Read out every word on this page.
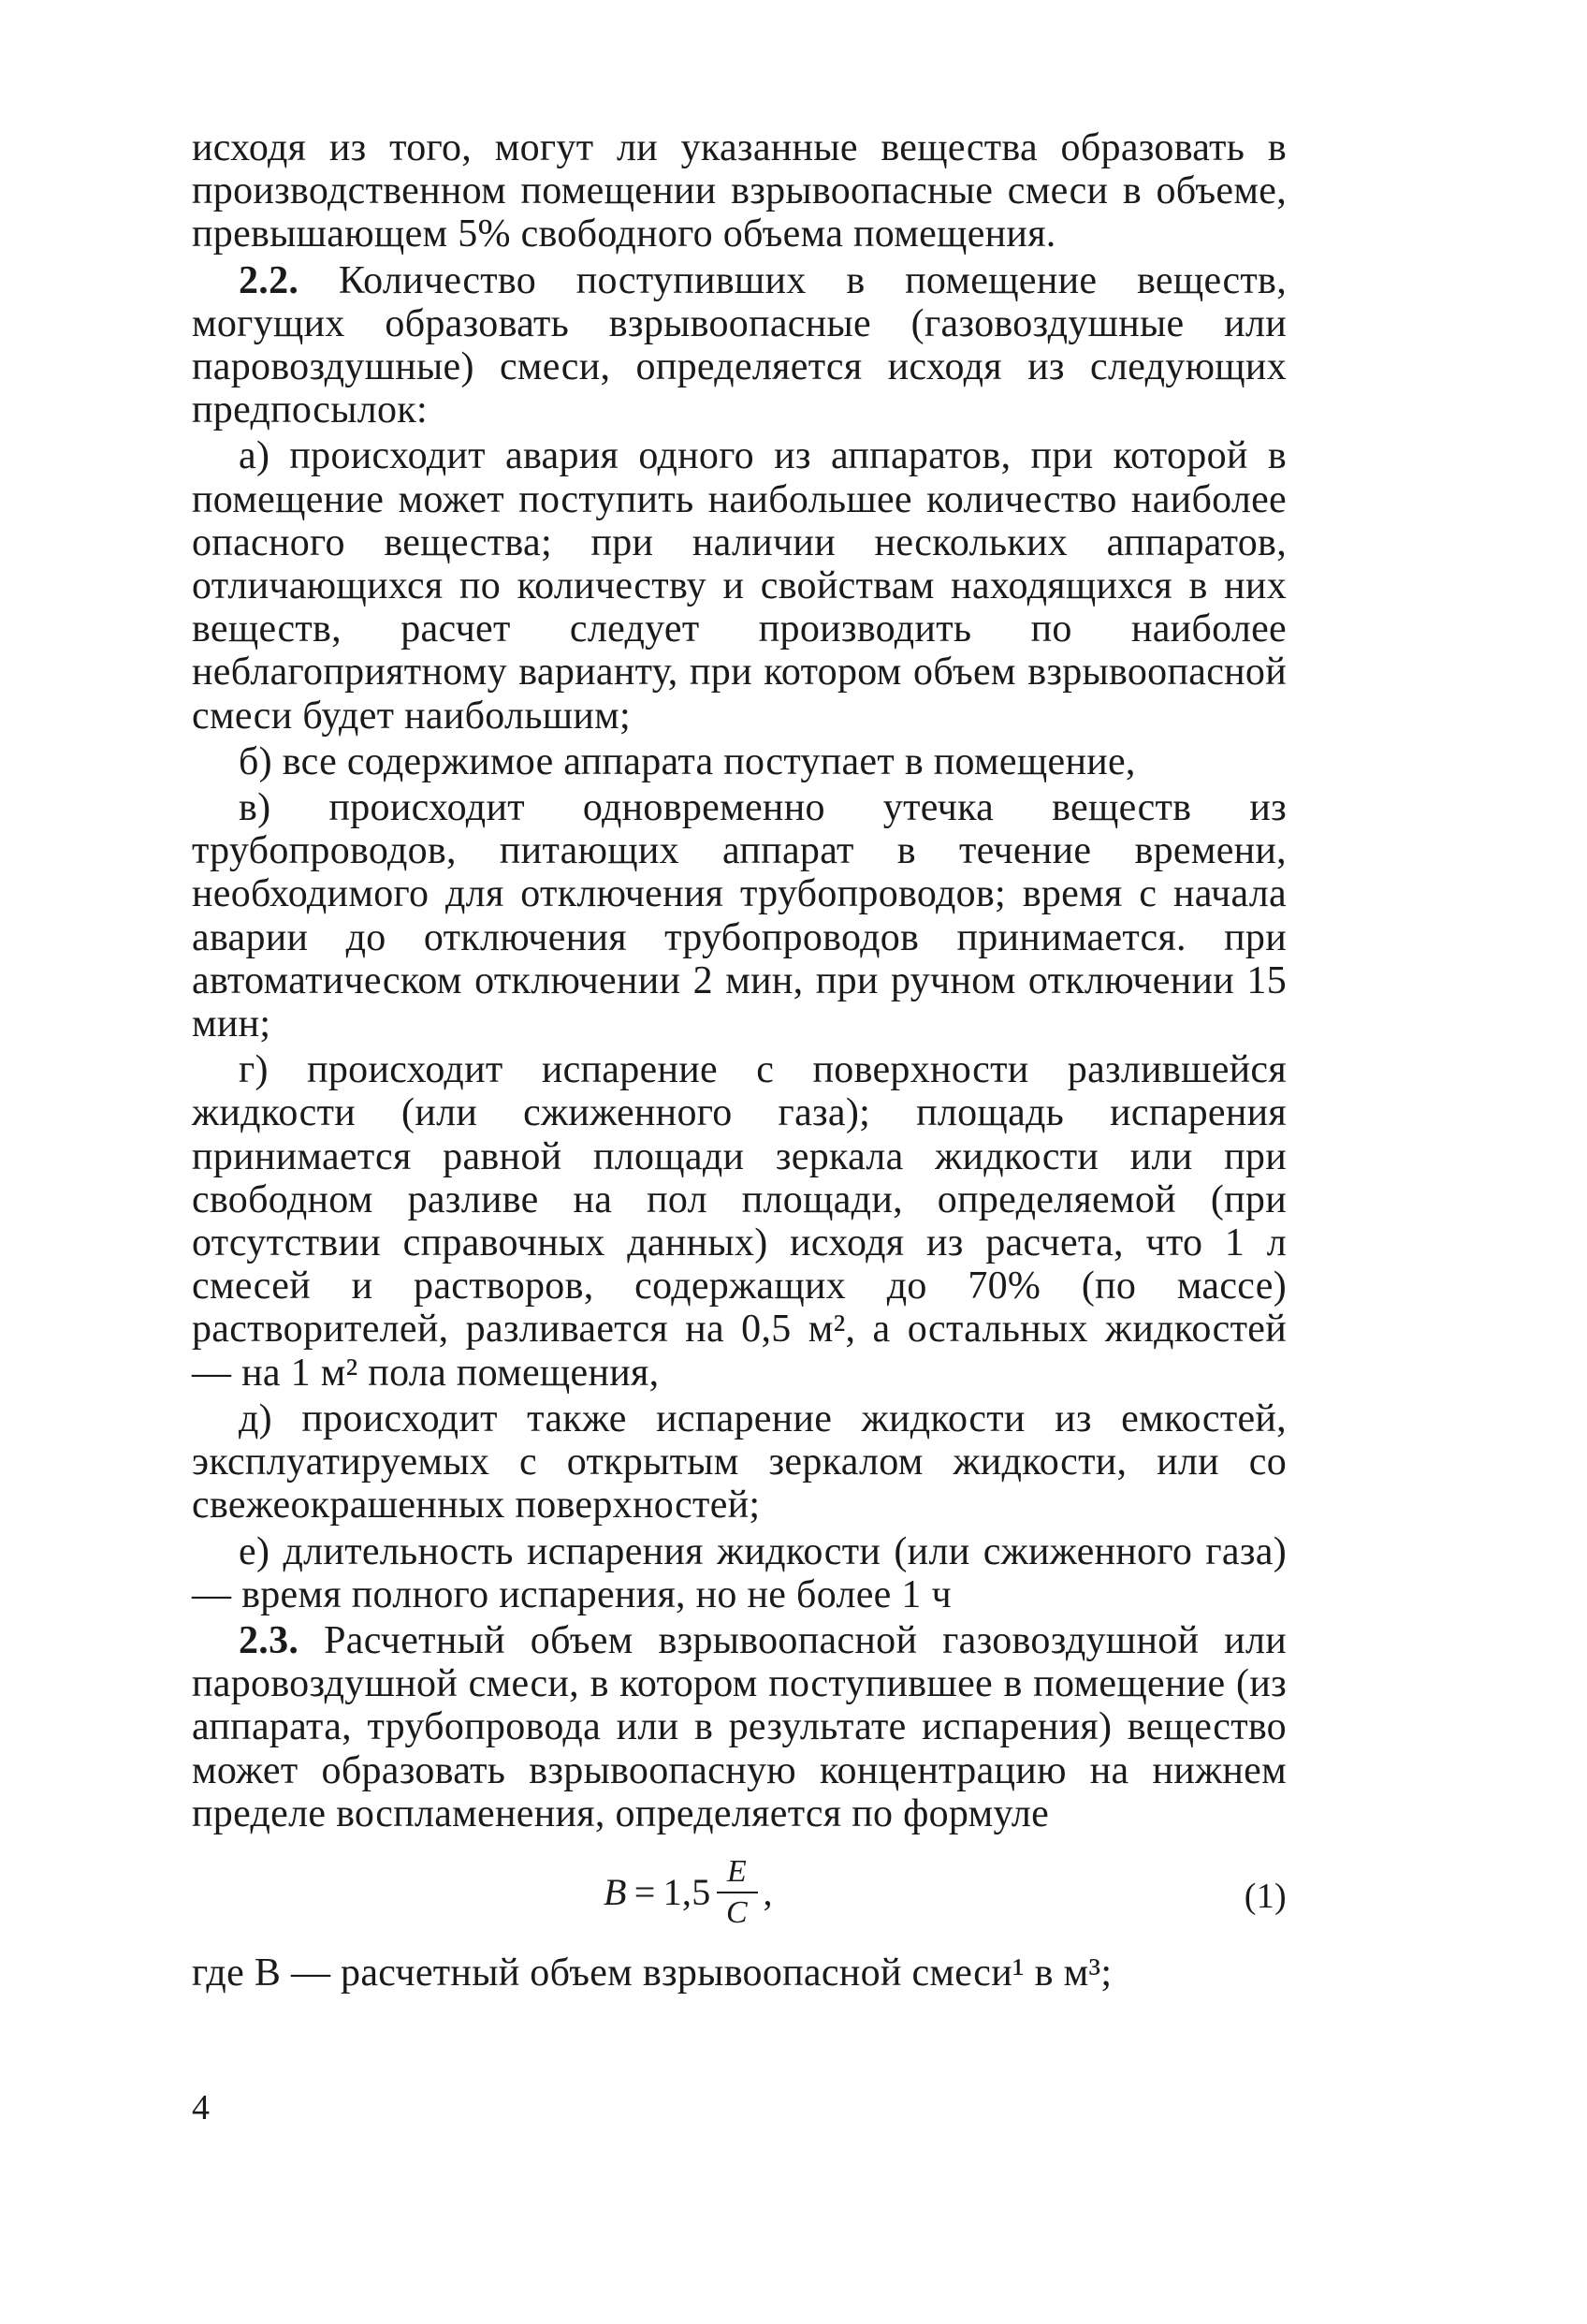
исходя из того, могут ли указанные вещества образовать в производственном помещении взрывоопасные смеси в объеме, превышающем 5% свободного объема помещения.

2.2. Количество поступивших в помещение веществ, могущих образовать взрывоопасные (газовоздушные или паровоздушные) смеси, определяется исходя из следующих предпосылок:

а) происходит авария одного из аппаратов, при которой в помещение может поступить наибольшее количество наиболее опасного вещества; при наличии нескольких аппаратов, отличающихся по количеству и свойствам находящихся в них веществ, расчет следует производить по наиболее неблагоприятному варианту, при котором объем взрывоопасной смеси будет наибольшим;

б) все содержимое аппарата поступает в помещение,

в) происходит одновременно утечка веществ из трубопроводов, питающих аппарат в течение времени, необходимого для отключения трубопроводов; время с начала аварии до отключения трубопроводов принимается. при автоматическом отключении 2 мин, при ручном отключении 15 мин;

г) происходит испарение с поверхности разлившейся жидкости (или сжиженного газа); площадь испарения принимается равной площади зеркала жидкости или при свободном разливе на пол площади, определяемой (при отсутствии справочных данных) исходя из расчета, что 1 л смесей и растворов, содержащих до 70% (по массе) растворителей, разливается на 0,5 м², а остальных жидкостей — на 1 м² пола помещения,

д) происходит также испарение жидкости из емкостей, эксплуатируемых с открытым зеркалом жидкости, или со свежеокрашенных поверхностей;

е) длительность испарения жидкости (или сжиженного газа) — время полного испарения, но не более 1 ч

2.3. Расчетный объем взрывоопасной газовоздушной или паровоздушной смеси, в котором поступившее в помещение (из аппарата, трубопровода или в результате испарения) вещество может образовать взрывоопасную концентрацию на нижнем пределе воспламенения, определяется по формуле

$B = 1,5 \frac{E}{C}$ ,	(1)

где B — расчетный объем взрывоопасной смеси¹ в м³;

4
